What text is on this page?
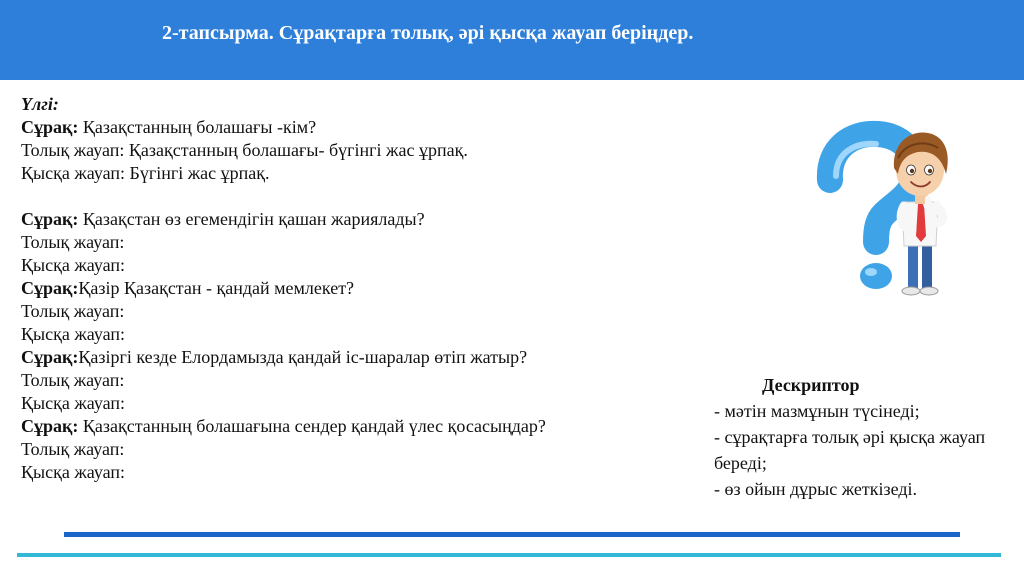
2-тапсырма. Сұрақтарға толық, әрі қысқа жауап беріңдер.
Үлгі:
Сұрақ: Қазақстанның болашағы -кім?
Толық жауап: Қазақстанның болашағы- бүгінгі жас ұрпақ.
Қысқа жауап: Бүгінгі жас ұрпақ.
Сұрақ: Қазақстан өз егемендігін қашан жариялады?
Толық жауап:
Қысқа жауап:
Сұрақ:Қазір Қазақстан - қандай мемлекет?
Толық жауап:
Қысқа жауап:
Сұрақ:Қазіргі кезде Елордамызда қандай іс-шаралар өтіп жатыр?
Толық жауап:
Қысқа жауап:
Сұрақ: Қазақстанның болашағына сендер қандай үлес қосасыңдар?
Толық жауап:
Қысқа жауап:
Дескриптор
- мәтін мазмұнын түсінеді;
- сұрақтарға толық әрі қысқа жауап береді;
- өз ойын дұрыс жеткізеді.
